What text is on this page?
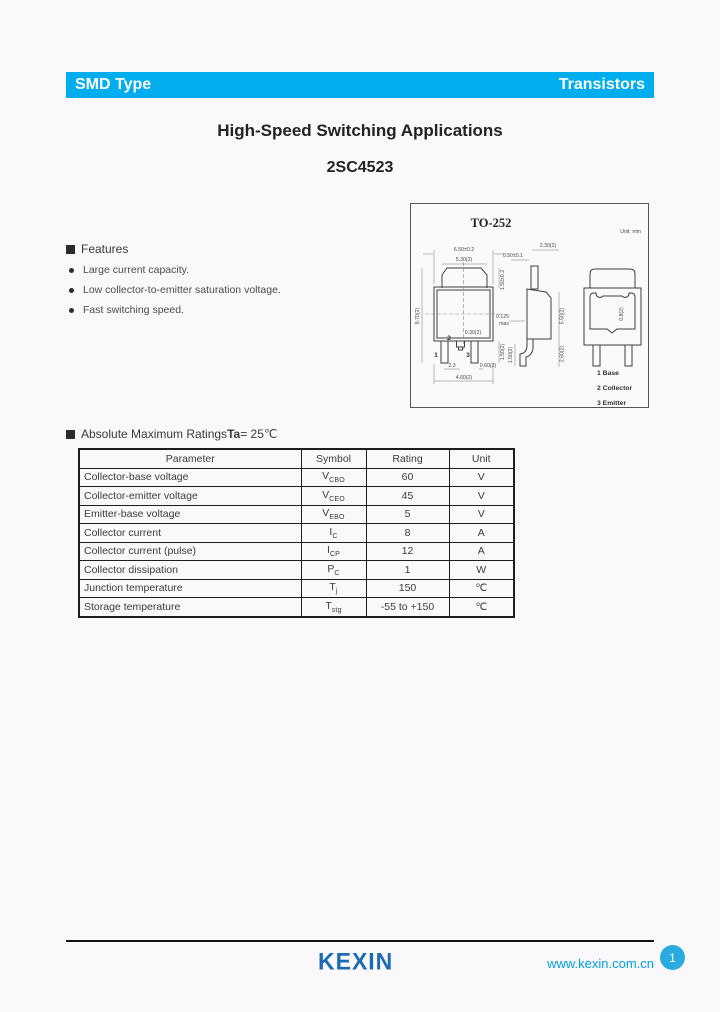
SMD Type	Transistors
High-Speed Switching Applications
2SC4523
Features
Large current capacity.
Low collector-to-emitter saturation voltage.
Fast switching speed.
TO-252
Unit: mm
6.50±0.2
5.30(2)
1.50±0.2
9.70(2)
0.30(2)
1.50(2)
2.3	0.60(2)
4.60(2)
1
2
3
2.30(2)
0.50±0.1
0.125
max	5.50(2)
2.60(2)
1.50(2)
0.8(2)
1 Base
2 Collector
3 Emitter
Absolute Maximum Ratings Ta = 25℃
Parameter	Symbol	Rating	Unit
Collector-base voltage	$V_{CBO}$	60	V
Collector-emitter voltage	$V_{CEO}$	45	V
Emitter-base voltage	$V_{EBO}$	5	V
Collector current	$I_C$	8	A
Collector current (pulse)	$I_{CP}$	12	A
Collector dissipation	$P_C$	1	W
Junction temperature	$T_j$	150	℃
Storage temperature	$T_{stg}$	-55 to +150	℃
KEXIN	www.kexin.com.cn 1
